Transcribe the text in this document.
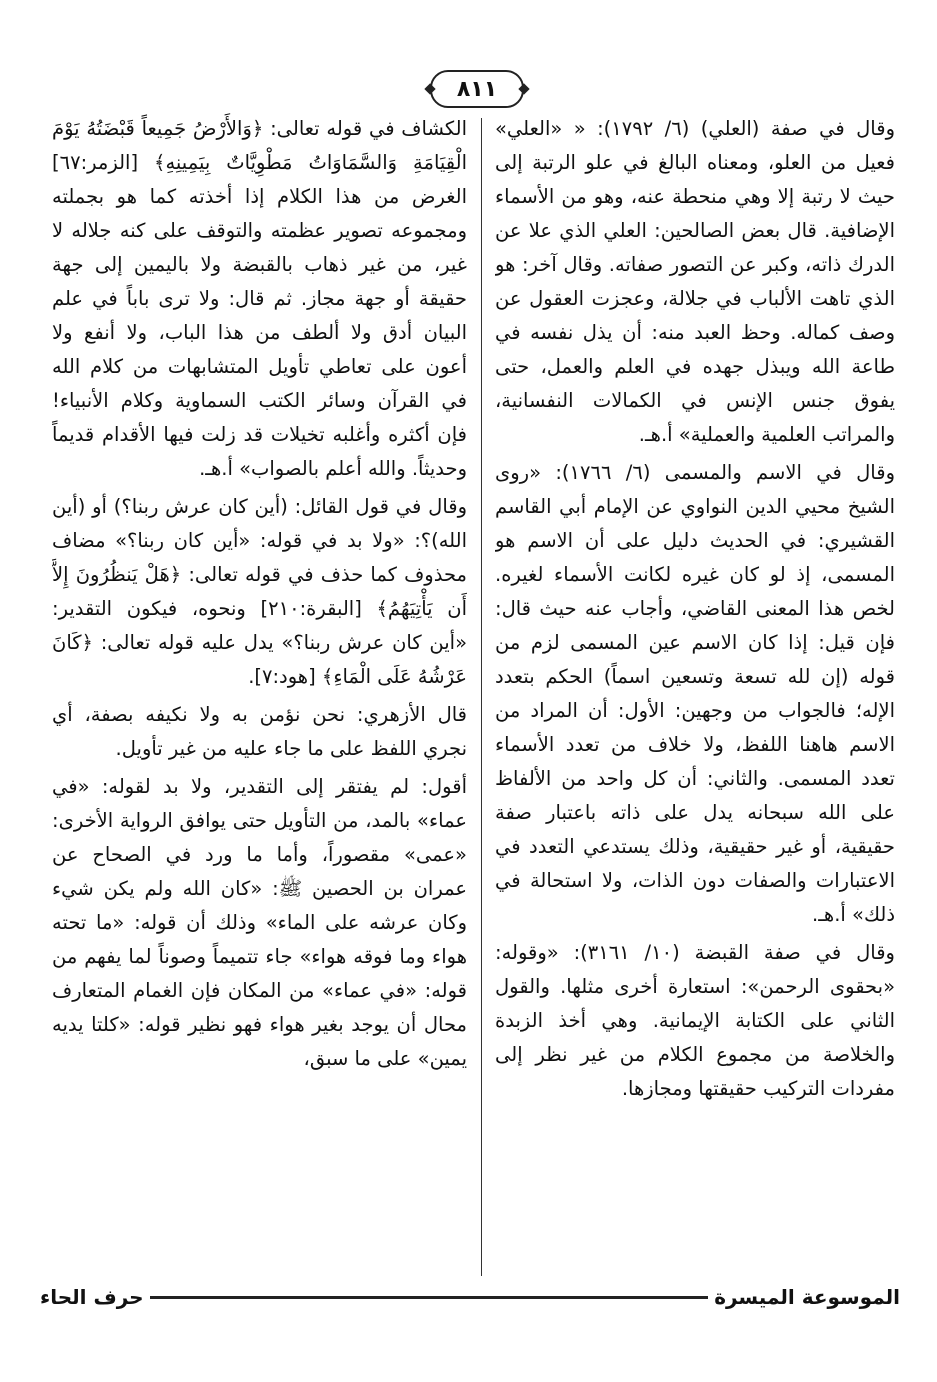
٨١١

وقال في صفة (العلي) (٦/ ١٧٩٢): « «العلي» فعيل من العلو، ومعناه البالغ في علو الرتبة إلى حيث لا رتبة إلا وهي منحطة عنه، وهو من الأسماء الإضافية. قال بعض الصالحين: العلي الذي علا عن الدرك ذاته، وكبر عن التصور صفاته. وقال آخر: هو الذي تاهت الألباب في جلالة، وعجزت العقول عن وصف كماله. وحظ العبد منه: أن يذل نفسه في طاعة الله ويبذل جهده في العلم والعمل، حتى يفوق جنس الإنس في الكمالات النفسانية، والمراتب العلمية والعملية» أ.هـ.

وقال في الاسم والمسمى (٦/ ١٧٦٦): «روى الشيخ محيي الدين النواوي عن الإمام أبي القاسم القشيري: في الحديث دليل على أن الاسم هو المسمى، إذ لو كان غيره لكانت الأسماء لغيره. لخص هذا المعنى القاضي، وأجاب عنه حيث قال: فإن قيل: إذا كان الاسم عين المسمى لزم من قوله (إن لله تسعة وتسعين اسماً) الحكم بتعدد الإله؛ فالجواب من وجهين: الأول: أن المراد من الاسم هاهنا اللفظ، ولا خلاف من تعدد الأسماء تعدد المسمى. والثاني: أن كل واحد من الألفاظ على الله سبحانه يدل على ذاته باعتبار صفة حقيقية، أو غير حقيقية، وذلك يستدعي التعدد في الاعتبارات والصفات دون الذات، ولا استحالة في ذلك» أ.هـ.

وقال في صفة القبضة (١٠/ ٣١٦١): «وقوله: «بحقوى الرحمن»: استعارة أخرى مثلها. والقول الثاني على الكتابة الإيمانية. وهي أخذ الزبدة والخلاصة من مجموع الكلام من غير نظر إلى مفردات التركيب حقيقتها ومجازها.

الكشاف في قوله تعالى: ﴿وَالأَرْضُ جَمِيعاً قَبْضَتُهُ يَوْمَ الْقِيَامَةِ وَالسَّمَاوَاتُ مَطْوِيَّاتٌ بِيَمِينِهِ﴾ [الزمر:٦٧] الغرض من هذا الكلام إذا أخذته كما هو بجملته ومجموعه تصوير عظمته والتوقف على كنه جلاله لا غير، من غير ذهاب بالقبضة ولا باليمين إلى جهة حقيقة أو جهة مجاز. ثم قال: ولا ترى باباً في علم البيان أدق ولا ألطف من هذا الباب، ولا أنفع ولا أعون على تعاطي تأويل المتشابهات من كلام الله في القرآن وسائر الكتب السماوية وكلام الأنبياء! فإن أكثره وأغلبه تخيلات قد زلت فيها الأقدام قديماً وحديثاً. والله أعلم بالصواب» أ.هـ.

وقال في قول القائل: (أين كان عرش ربنا؟) أو (أين الله)؟: «ولا بد في قوله: «أين كان ربنا؟» مضاف محذوف كما حذف في قوله تعالى: ﴿هَلْ يَنظُرُونَ إِلاَّ أَن يَأْتِيَهُمُ﴾ [البقرة:٢١٠] ونحوه، فيكون التقدير: «أين كان عرش ربنا؟» يدل عليه قوله تعالى: ﴿كَانَ عَرْشُهُ عَلَى الْمَاءِ﴾ [هود:٧].

قال الأزهري: نحن نؤمن به ولا نكيفه بصفة، أي نجري اللفظ على ما جاء عليه من غير تأويل.

أقول: لم يفتقر إلى التقدير، ولا بد لقوله: «في عماء» بالمد، من التأويل حتى يوافق الرواية الأخرى: «عمى» مقصوراً، وأما ما ورد في الصحاح عن عمران بن الحصين ﷺ: «كان الله ولم يكن شيء وكان عرشه على الماء» وذلك أن قوله: «ما تحته هواء وما فوقه هواء» جاء تتميماً وصوناً لما يفهم من قوله: «في عماء» من المكان فإن الغمام المتعارف محال أن يوجد بغير هواء فهو نظير قوله: «كلتا يديه يمين» على ما سبق،

الموسوعة الميسرة
حرف الحاء
